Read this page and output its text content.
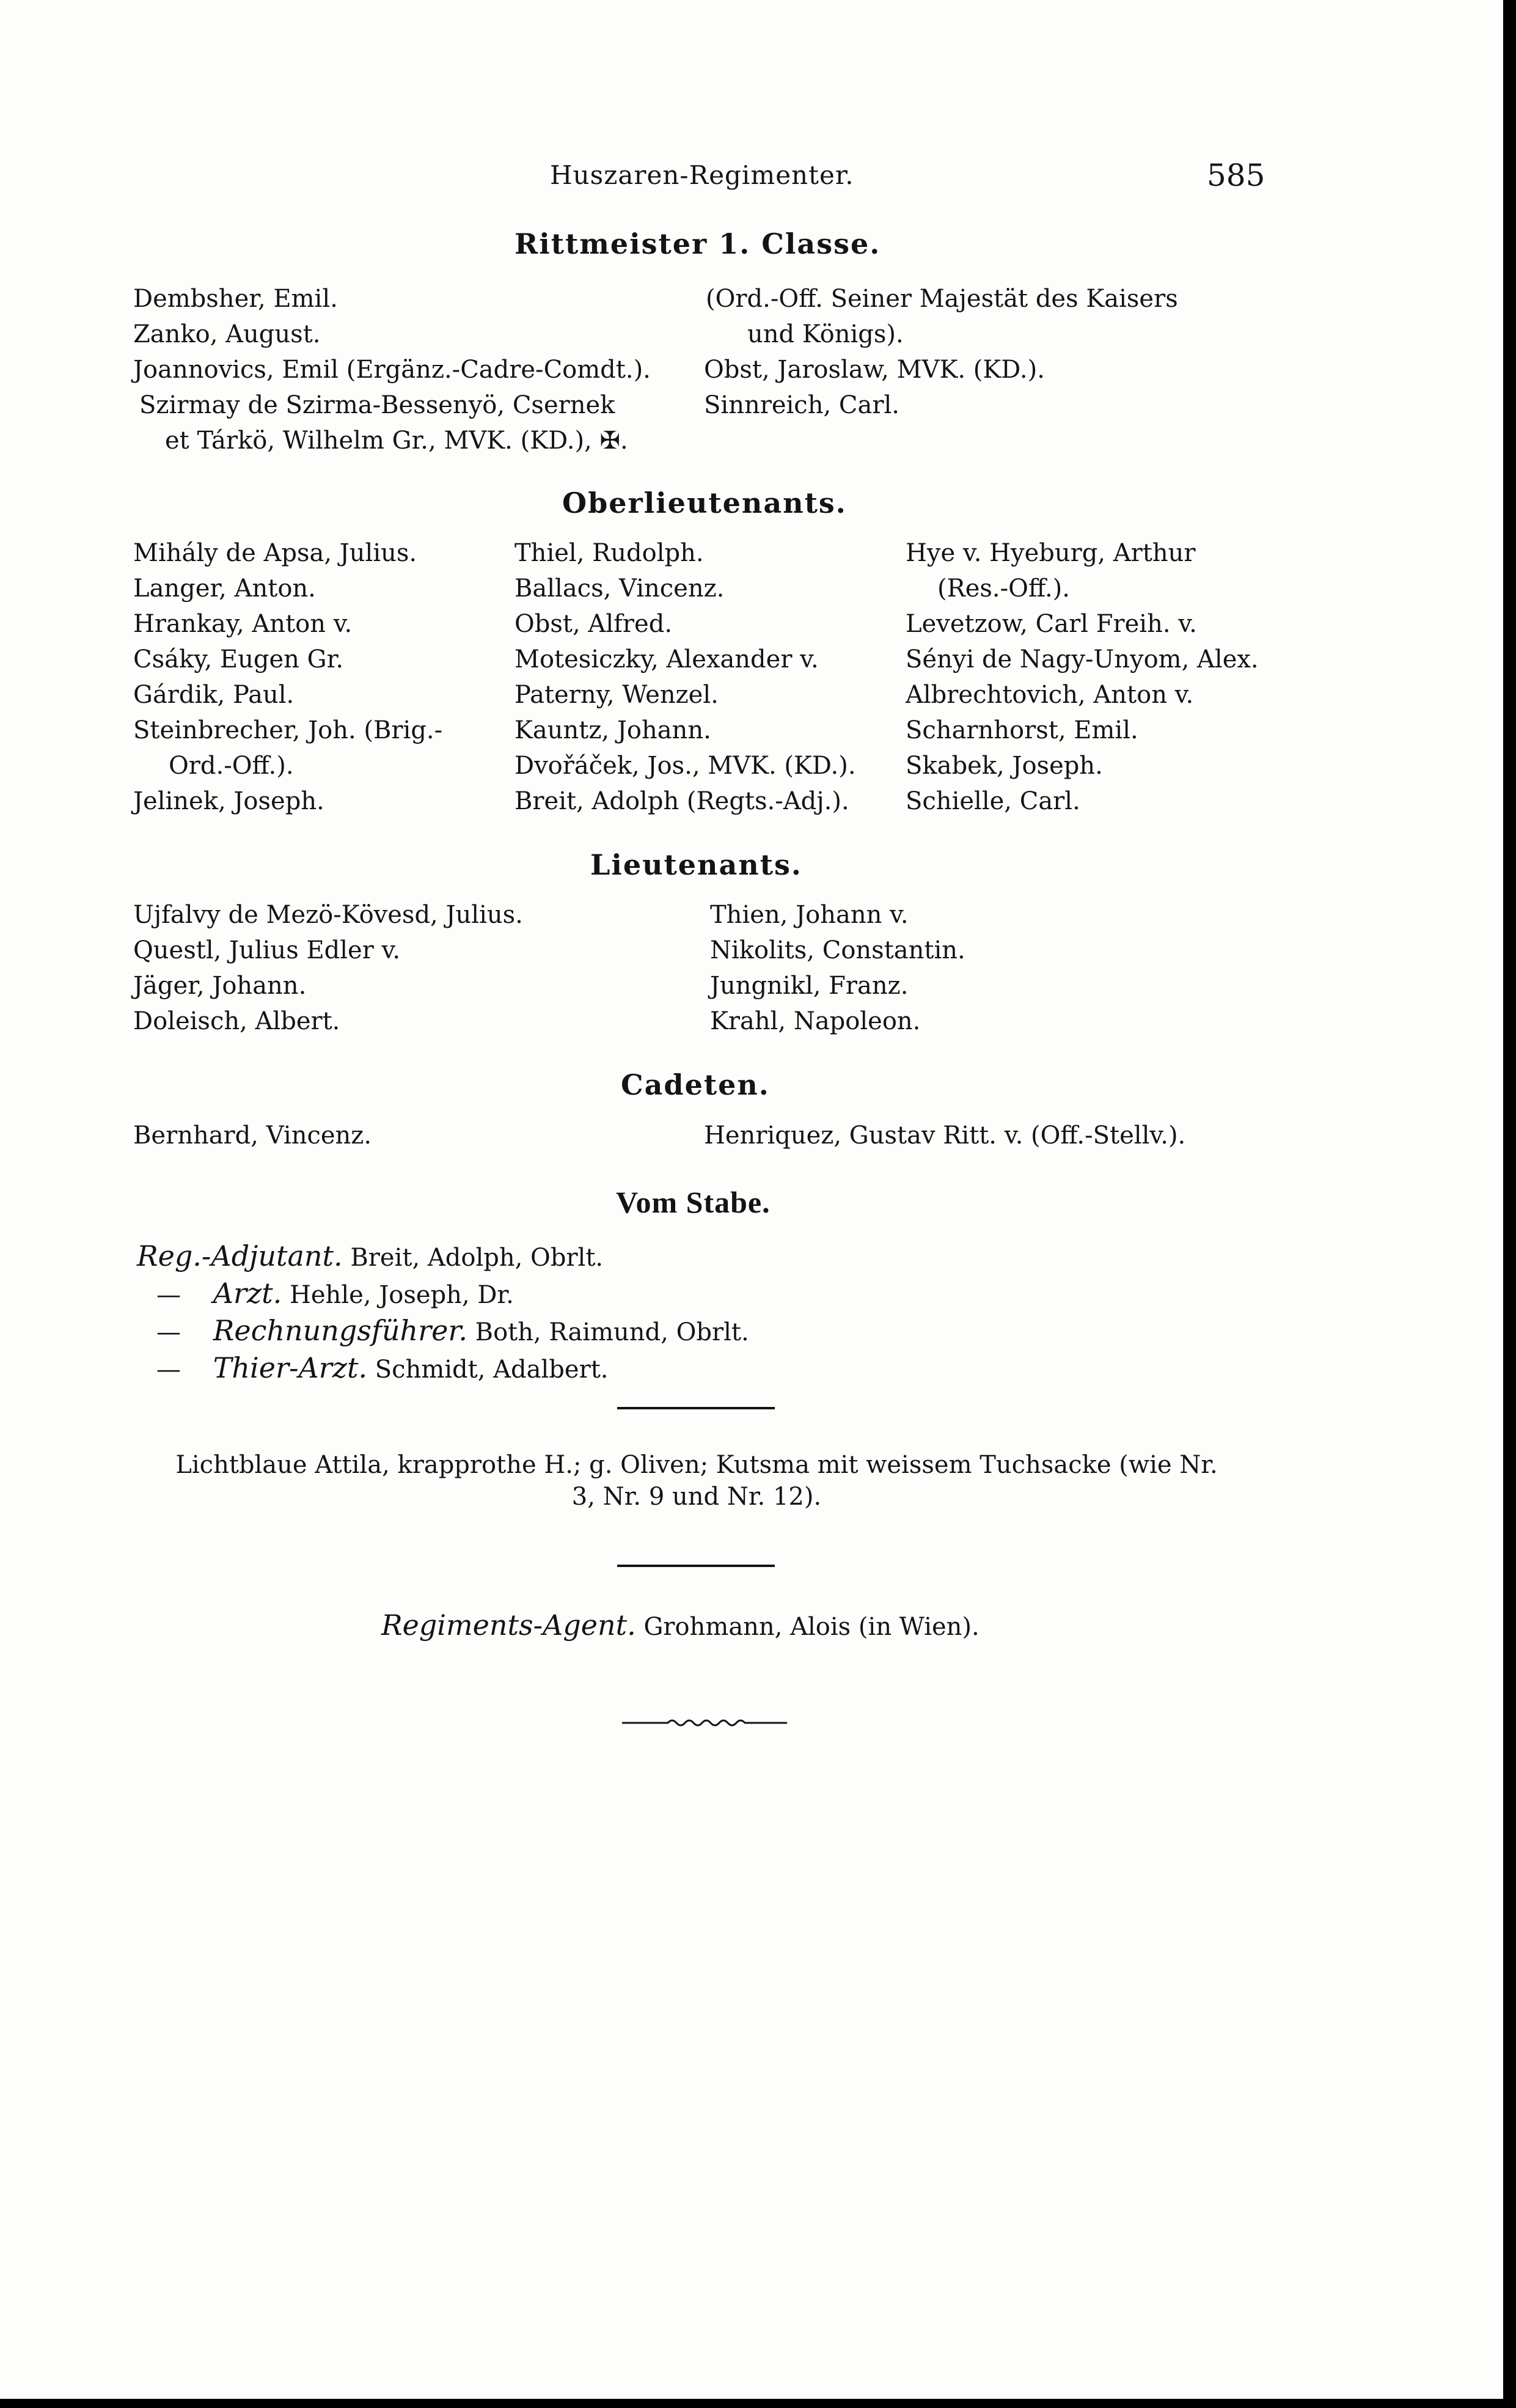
Huszaren-Regimenter.	585
Rittmeister 1. Classe.
Dembsher, Emil.
Zanko, August.
Joannovics, Emil (Ergänz.-Cadre-Comdt.).
Szirmay de Szirma-Bessenyö, Csernek
et Tárkö, Wilhelm Gr., MVK. (KD.), ✠.
(Ord.-Off. Seiner Majestät des Kaisers
und Königs).
Obst, Jaroslaw, MVK. (KD.).
Sinnreich, Carl.
Oberlieutenants.
Mihály de Apsa, Julius.
Langer, Anton.
Hrankay, Anton v.
Csáky, Eugen Gr.
Gárdik, Paul.
Steinbrecher, Joh. (Brig.-
Ord.-Off.).
Jelinek, Joseph.
Thiel, Rudolph.
Ballacs, Vincenz.
Obst, Alfred.
Motesiczky, Alexander v.
Paterny, Wenzel.
Kauntz, Johann.
Dvořáček, Jos., MVK. (KD.).
Breit, Adolph (Regts.-Adj.).
Hye v. Hyeburg, Arthur
(Res.-Off.).
Levetzow, Carl Freih. v.
Sényi de Nagy-Unyom, Alex.
Albrechtovich, Anton v.
Scharnhorst, Emil.
Skabek, Joseph.
Schielle, Carl.
Lieutenants.
Ujfalvy de Mezö-Kövesd, Julius.
Questl, Julius Edler v.
Jäger, Johann.
Doleisch, Albert.
Thien, Johann v.
Nikolits, Constantin.
Jungnikl, Franz.
Krahl, Napoleon.
Cadeten.
Bernhard, Vincenz.	Henriquez, Gustav Ritt. v. (Off.-Stellv.).
Vom Stabe.
Reg.-Adjutant. Breit, Adolph, Obrlt.
— Arzt. Hehle, Joseph, Dr.
— Rechnungsführer. Both, Raimund, Obrlt.
— Thier-Arzt. Schmidt, Adalbert.
Lichtblaue Attila, krapprothe H.; g. Oliven; Kutsma mit weissem Tuchsacke (wie Nr.
3, Nr. 9 und Nr. 12).
Regiments-Agent. Grohmann, Alois (in Wien).
